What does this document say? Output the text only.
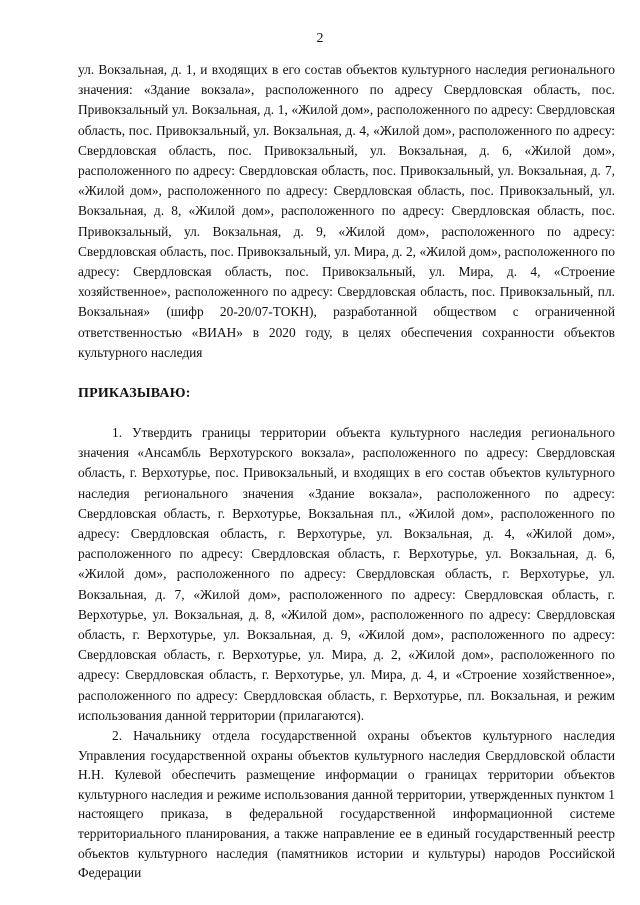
2

ул. Вокзальная, д. 1, и входящих в его состав объектов культурного наследия регионального значения: «Здание вокзала», расположенного по адресу Свердловская область, пос. Привокзальный ул. Вокзальная, д. 1, «Жилой дом», расположенного по адресу: Свердловская область, пос. Привокзальный, ул. Вокзальная, д. 4, «Жилой дом», расположенного по адресу: Свердловская область, пос. Привокзальный, ул. Вокзальная, д. 6, «Жилой дом», расположенного по адресу: Свердловская область, пос. Привокзальный, ул. Вокзальная, д. 7, «Жилой дом», расположенного по адресу: Свердловская область, пос. Привокзальный, ул. Вокзальная, д. 8, «Жилой дом», расположенного по адресу: Свердловская область, пос. Привокзальный, ул. Вокзальная, д. 9, «Жилой дом», расположенного по адресу: Свердловская область, пос. Привокзальный, ул. Мира, д. 2, «Жилой дом», расположенного по адресу: Свердловская область, пос. Привокзальный, ул. Мира, д. 4, «Строение хозяйственное», расположенного по адресу: Свердловская область, пос. Привокзальный, пл. Вокзальная» (шифр 20-20/07-ТОКН), разработанной обществом с ограниченной ответственностью «ВИАН» в 2020 году, в целях обеспечения сохранности объектов культурного наследия

ПРИКАЗЫВАЮ:

1. Утвердить границы территории объекта культурного наследия регионального значения «Ансамбль Верхотурского вокзала», расположенного по адресу: Свердловская область, г. Верхотурье, пос. Привокзальный, и входящих в его состав объектов культурного наследия регионального значения «Здание вокзала», расположенного по адресу: Свердловская область, г. Верхотурье, Вокзальная пл., «Жилой дом», расположенного по адресу: Свердловская область, г. Верхотурье, ул. Вокзальная, д. 4, «Жилой дом», расположенного по адресу: Свердловская область, г. Верхотурье, ул. Вокзальная, д. 6, «Жилой дом», расположенного по адресу: Свердловская область, г. Верхотурье, ул. Вокзальная, д. 7, «Жилой дом», расположенного по адресу: Свердловская область, г. Верхотурье, ул. Вокзальная, д. 8, «Жилой дом», расположенного по адресу: Свердловская область, г. Верхотурье, ул. Вокзальная, д. 9, «Жилой дом», расположенного по адресу: Свердловская область, г. Верхотурье, ул. Мира, д. 2, «Жилой дом», расположенного по адресу: Свердловская область, г. Верхотурье, ул. Мира, д. 4, и «Строение хозяйственное», расположенного по адресу: Свердловская область, г. Верхотурье, пл. Вокзальная, и режим использования данной территории (прилагаются).

2. Начальнику отдела государственной охраны объектов культурного наследия Управления государственной охраны объектов культурного наследия Свердловской области Н.Н. Кулевой обеспечить размещение информации о границах территории объектов культурного наследия и режиме использования данной территории, утвержденных пунктом 1 настоящего приказа, в федеральной государственной информационной системе территориального планирования, а также направление ее в единый государственный реестр объектов культурного наследия (памятников истории и культуры) народов Российской Федерации
